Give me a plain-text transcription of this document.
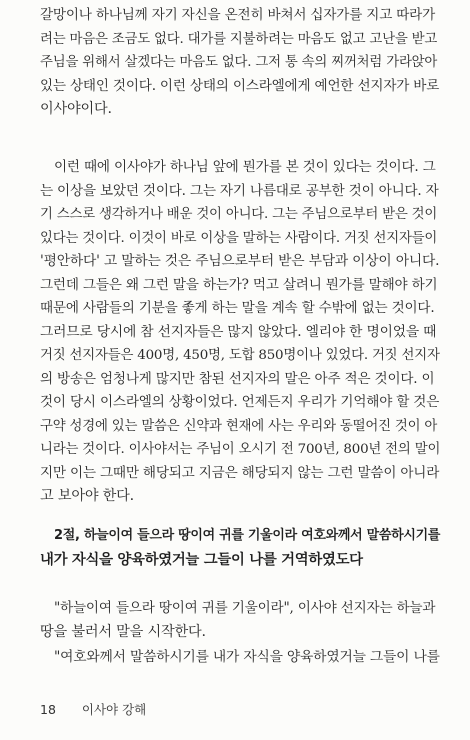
갈망이나 하나님께 자기 자신을 온전히 바쳐서 십자가를 지고 따라가
려는 마음은 조금도 없다. 대가를 지불하려는 마음도 없고 고난을 받고
주님을 위해서 살겠다는 마음도 없다. 그저 통 속의 찌꺼처럼 가라앉아
있는 상태인 것이다. 이런 상태의 이스라엘에게 예언한 선지자가 바로
이사야이다.

이런 때에 이사야가 하나님 앞에 뭔가를 본 것이 있다는 것이다. 그
는 이상을 보았던 것이다. 그는 자기 나름대로 공부한 것이 아니다. 자
기 스스로 생각하거나 배운 것이 아니다. 그는 주님으로부터 받은 것이
있다는 것이다. 이것이 바로 이상을 말하는 사람이다. 거짓 선지자들이
'평안하다' 고 말하는 것은 주님으로부터 받은 부담과 이상이 아니다.
그런데 그들은 왜 그런 말을 하는가? 먹고 살려니 뭔가를 말해야 하기
때문에 사람들의 기분을 좋게 하는 말을 계속 할 수밖에 없는 것이다.
그러므로 당시에 참 선지자들은 많지 않았다. 엘리야 한 명이었을 때
거짓 선지자들은 400명, 450명, 도합 850명이나 있었다. 거짓 선지자
의 방송은 엄청나게 많지만 참된 선지자의 말은 아주 적은 것이다. 이
것이 당시 이스라엘의 상황이었다. 언제든지 우리가 기억해야 할 것은
구약 성경에 있는 말씀은 신약과 현재에 사는 우리와 동떨어진 것이 아
니라는 것이다. 이사야서는 주님이 오시기 전 700년, 800년 전의 말이
지만 이는 그때만 해당되고 지금은 해당되지 않는 그런 말씀이 아니라
고 보아야 한다.

2절, 하늘이여 들으라 땅이여 귀를 기울이라 여호와께서 말씀하시기를
내가 자식을 양육하였거늘 그들이 나를 거역하였도다

"하늘이여 들으라 땅이여 귀를 기울이라", 이사야 선지자는 하늘과
땅을 불러서 말을 시작한다.

"여호와께서 말씀하시기를 내가 자식을 양육하였거늘 그들이 나를

18 이사야 강해
